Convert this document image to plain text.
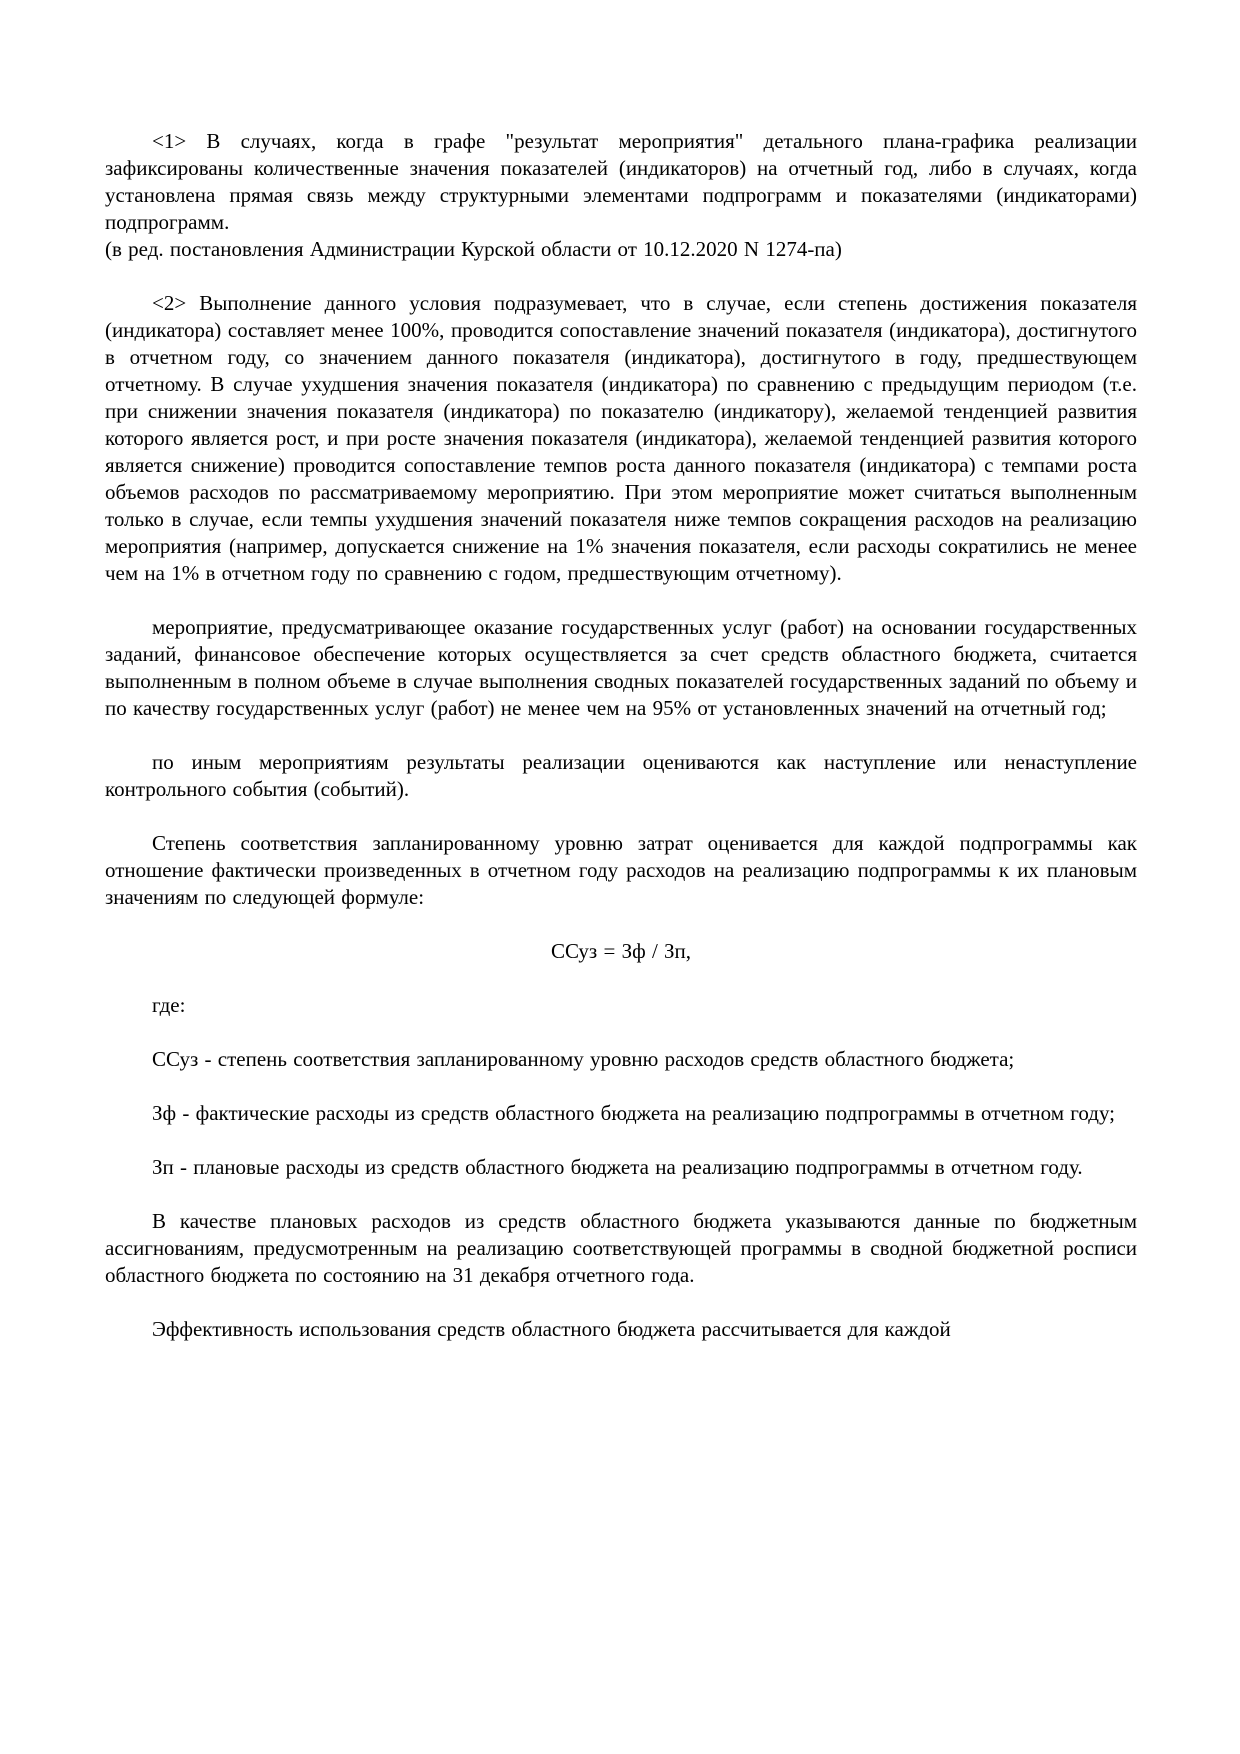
<1> В случаях, когда в графе "результат мероприятия" детального плана-графика реализации зафиксированы количественные значения показателей (индикаторов) на отчетный год, либо в случаях, когда установлена прямая связь между структурными элементами подпрограмм и показателями (индикаторами) подпрограмм.

(в ред. постановления Администрации Курской области от 10.12.2020 N 1274-па)

<2> Выполнение данного условия подразумевает, что в случае, если степень достижения показателя (индикатора) составляет менее 100%, проводится сопоставление значений показателя (индикатора), достигнутого в отчетном году, со значением данного показателя (индикатора), достигнутого в году, предшествующем отчетному. В случае ухудшения значения показателя (индикатора) по сравнению с предыдущим периодом (т.е. при снижении значения показателя (индикатора) по показателю (индикатору), желаемой тенденцией развития которого является рост, и при росте значения показателя (индикатора), желаемой тенденцией развития которого является снижение) проводится сопоставление темпов роста данного показателя (индикатора) с темпами роста объемов расходов по рассматриваемому мероприятию. При этом мероприятие может считаться выполненным только в случае, если темпы ухудшения значений показателя ниже темпов сокращения расходов на реализацию мероприятия (например, допускается снижение на 1% значения показателя, если расходы сократились не менее чем на 1% в отчетном году по сравнению с годом, предшествующим отчетному).

мероприятие, предусматривающее оказание государственных услуг (работ) на основании государственных заданий, финансовое обеспечение которых осуществляется за счет средств областного бюджета, считается выполненным в полном объеме в случае выполнения сводных показателей государственных заданий по объему и по качеству государственных услуг (работ) не менее чем на 95% от установленных значений на отчетный год;

по иным мероприятиям результаты реализации оцениваются как наступление или ненаступление контрольного события (событий).

Степень соответствия запланированному уровню затрат оценивается для каждой подпрограммы как отношение фактически произведенных в отчетном году расходов на реализацию подпрограммы к их плановым значениям по следующей формуле:

ССуз = Зф / Зп,

где:

ССуз - степень соответствия запланированному уровню расходов средств областного бюджета;

Зф - фактические расходы из средств областного бюджета на реализацию подпрограммы в отчетном году;

Зп - плановые расходы из средств областного бюджета на реализацию подпрограммы в отчетном году.

В качестве плановых расходов из средств областного бюджета указываются данные по бюджетным ассигнованиям, предусмотренным на реализацию соответствующей программы в сводной бюджетной росписи областного бюджета по состоянию на 31 декабря отчетного года.

Эффективность использования средств областного бюджета рассчитывается для каждой
